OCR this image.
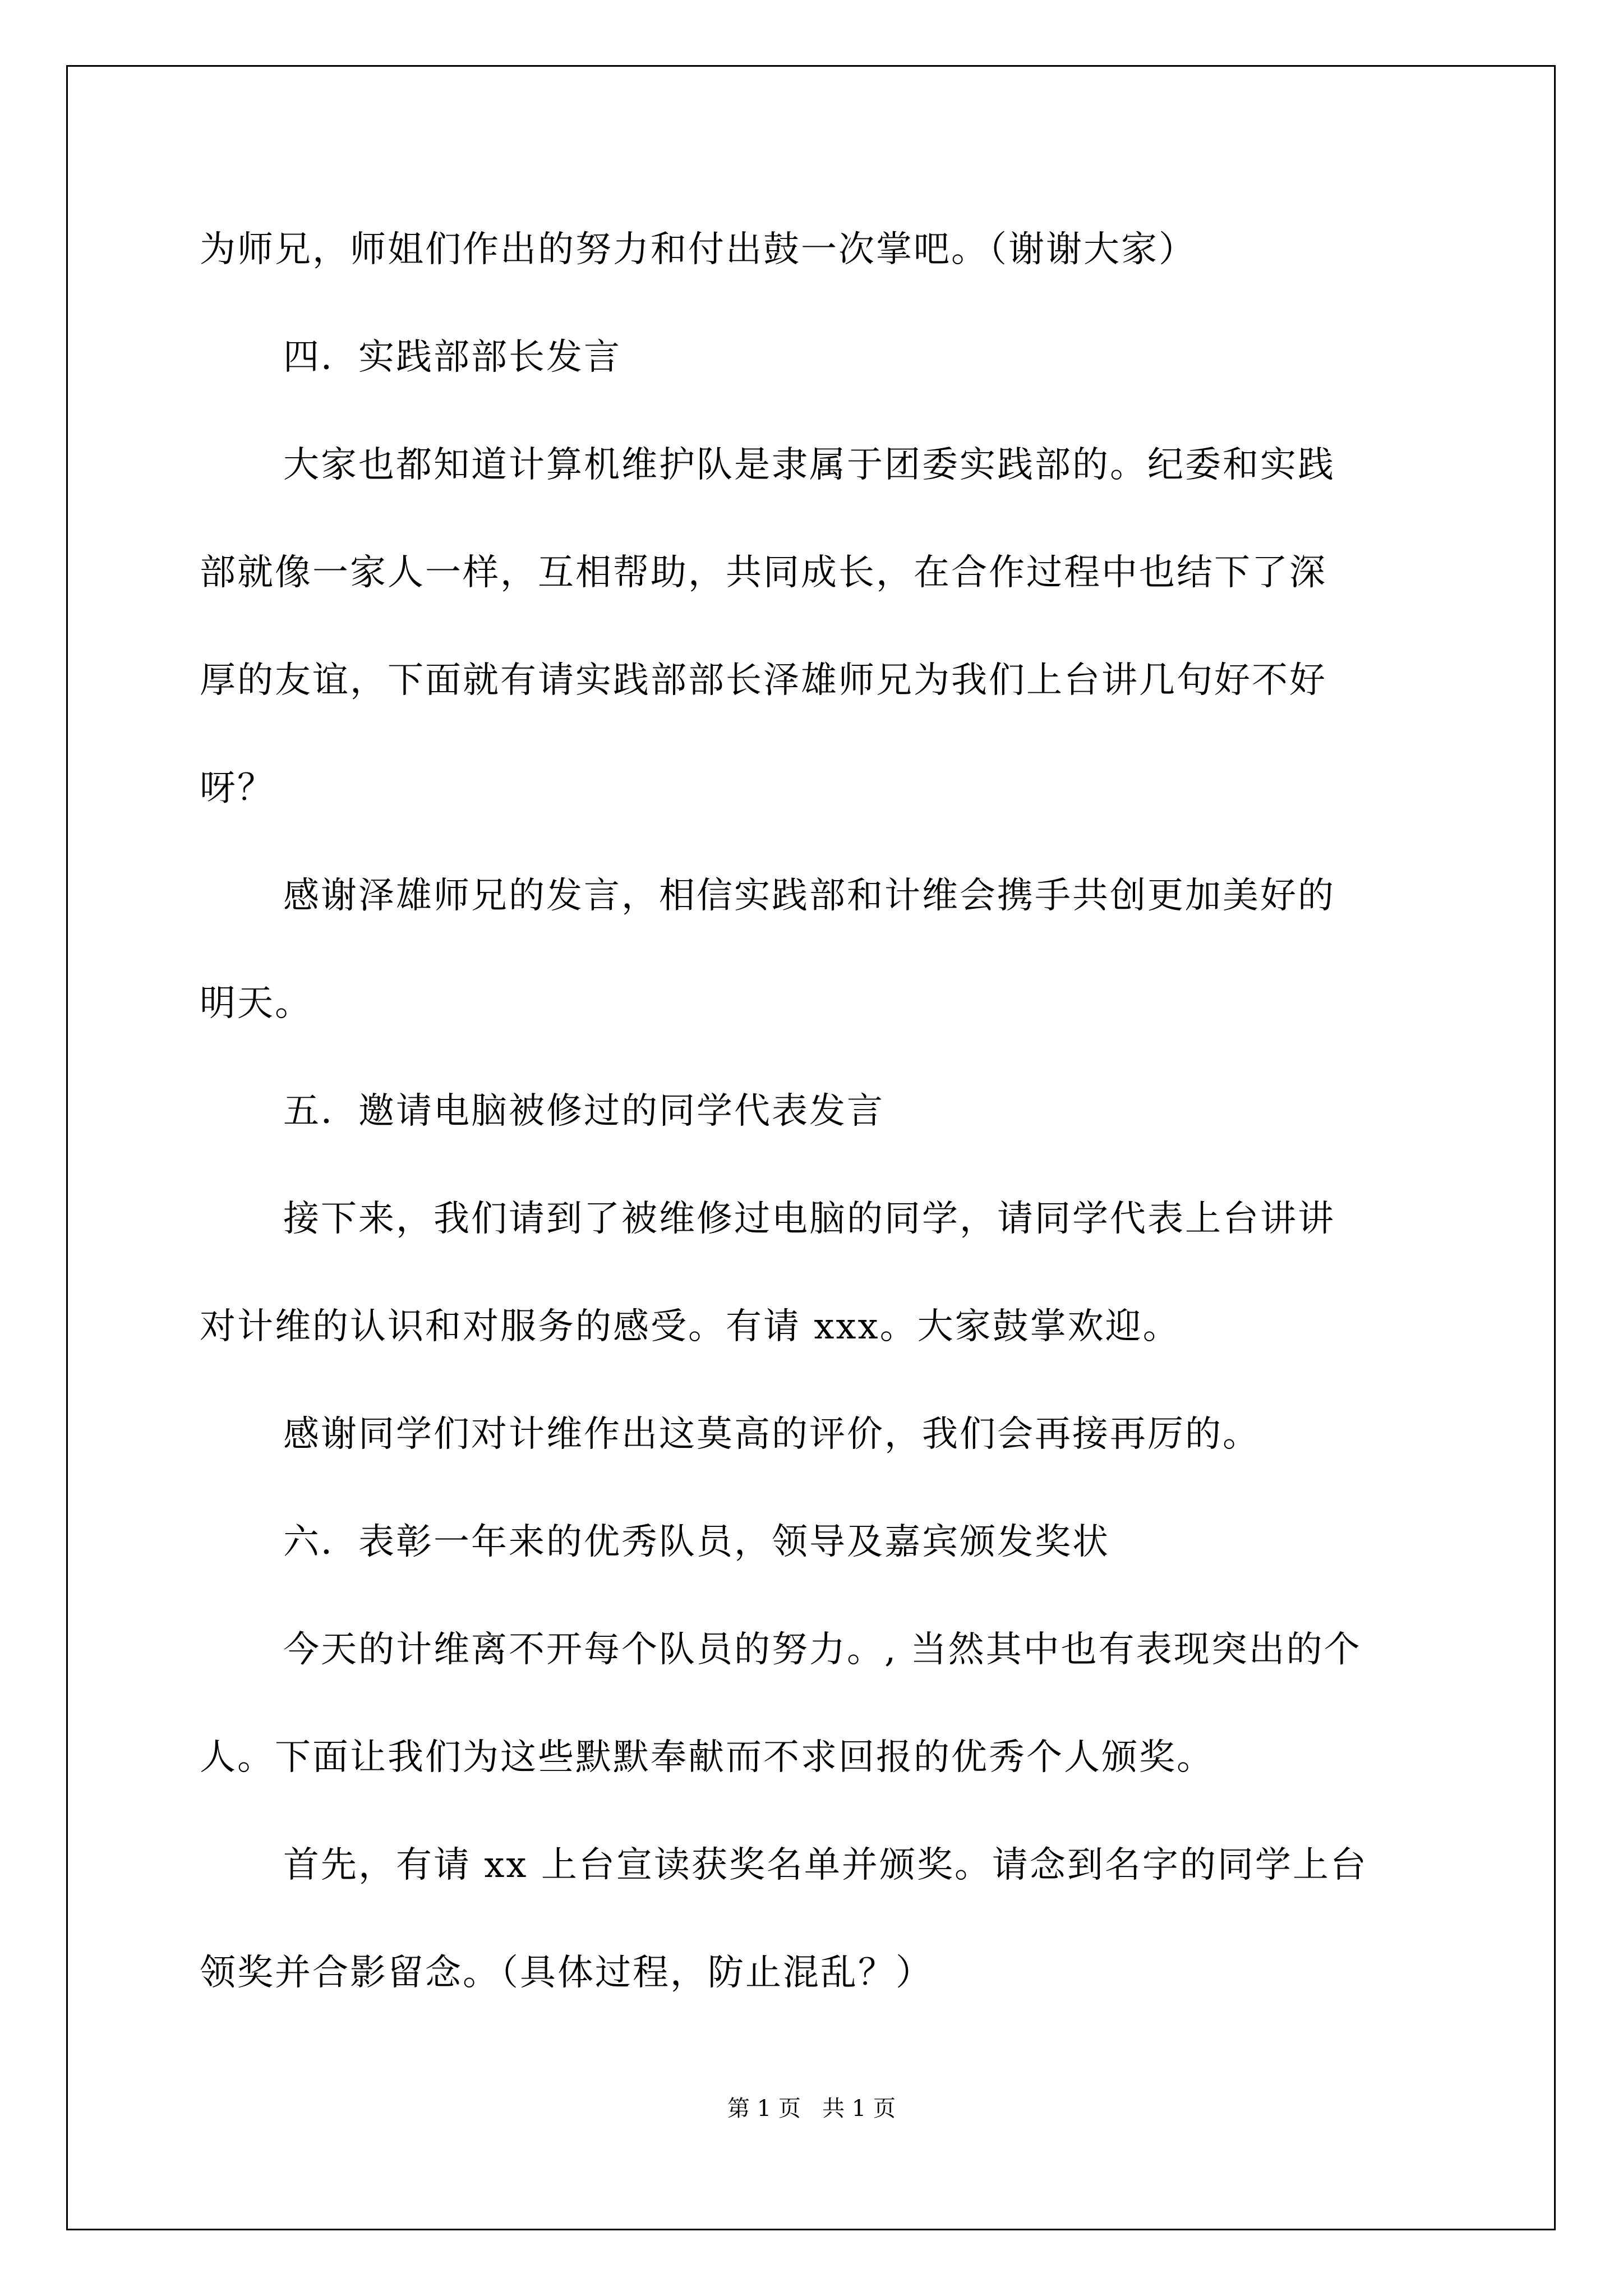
为师兄，师姐们作出的努力和付出鼓一次掌吧。（谢谢大家）
四．实践部部长发言
大家也都知道计算机维护队是隶属于团委实践部的。纪委和实践
部就像一家人一样，互相帮助，共同成长，在合作过程中也结下了深
厚的友谊，下面就有请实践部部长泽雄师兄为我们上台讲几句好不好
呀？
感谢泽雄师兄的发言，相信实践部和计维会携手共创更加美好的
明天。
五．邀请电脑被修过的同学代表发言
接下来，我们请到了被维修过电脑的同学，请同学代表上台讲讲
对计维的认识和对服务的感受。有请 xxx。大家鼓掌欢迎。
感谢同学们对计维作出这莫高的评价，我们会再接再厉的。
六．表彰一年来的优秀队员，领导及嘉宾颁发奖状
今天的计维离不开每个队员的努力。, 当然其中也有表现突出的个
人。下面让我们为这些默默奉献而不求回报的优秀个人颁奖。
首先，有请 xx 上台宣读获奖名单并颁奖。请念到名字的同学上台
领奖并合影留念。（具体过程，防止混乱？）
第 1 页   共 1 页
